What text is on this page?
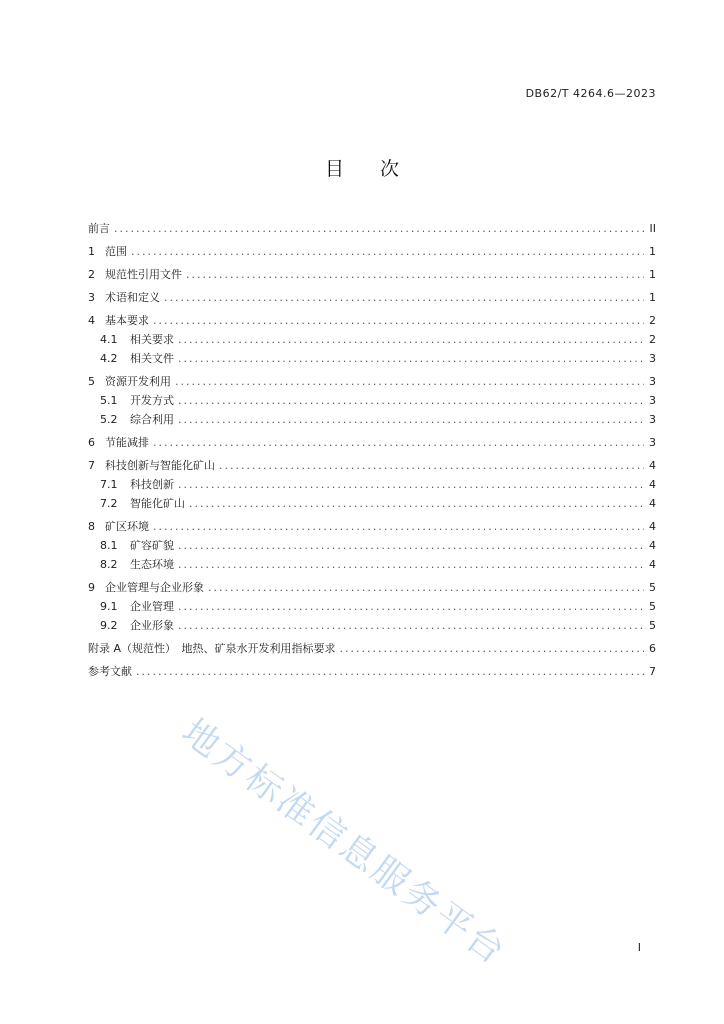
DB62/T 4264.6—2023
目 次
前言 .....	II
1 范围 .....	1
2 规范性引用文件 .....	1
3 术语和定义 .....	1
4 基本要求 .....	2
4.1	相关要求 .....	2
4.2	相关文件 .....	3
5 资源开发利用 .....	3
5.1	开发方式 .....	3
5.2	综合利用 .....	3
6 节能减排 .....	3
7 科技创新与智能化矿山 .....	4
7.1	科技创新 .....	4
7.2	智能化矿山 .....	4
8 矿区环境 .....	4
8.1	矿容矿貌 .....	4
8.2	生态环境 .....	4
9 企业管理与企业形象 .....	5
9.1	企业管理 .....	5
9.2	企业形象 .....	5
附录 A（规范性）　地热、矿泉水开发利用指标要求 .....	6
参考文献 .....	7
地方标准信息服务平台	I
